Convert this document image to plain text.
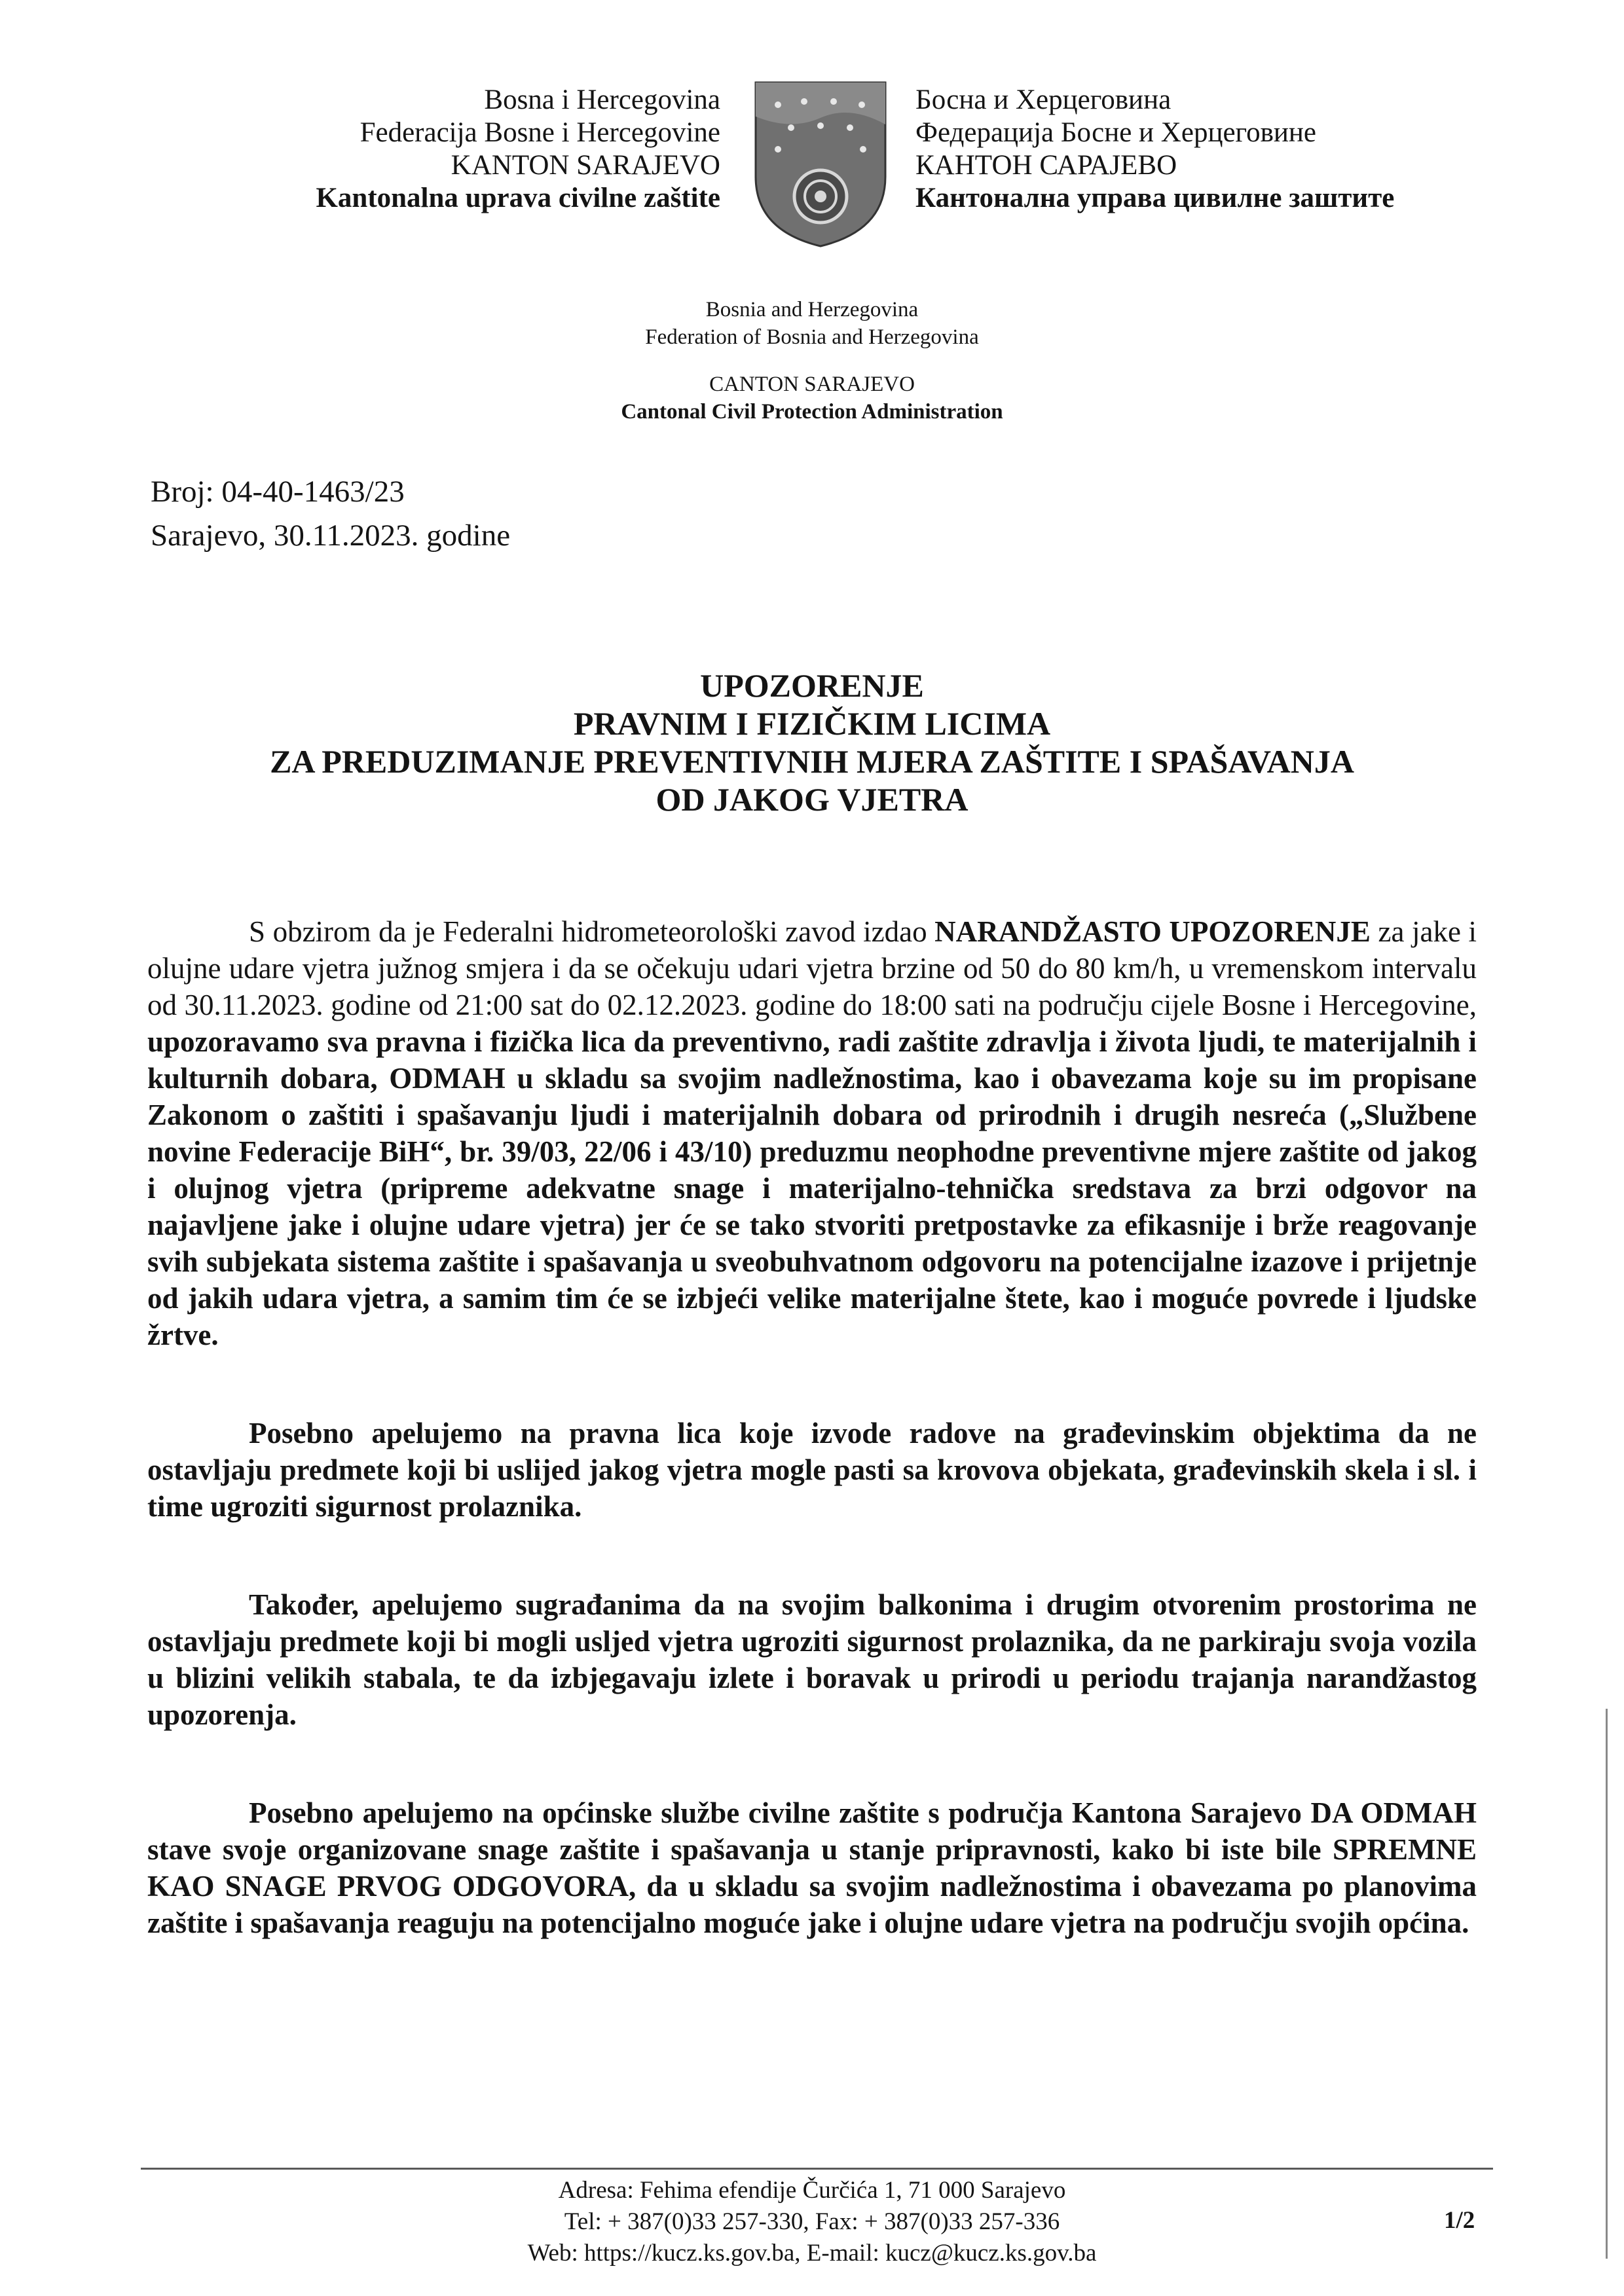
Bosna i Hercegovina
Federacija Bosne i Hercegovine
KANTON SARAJEVO
Kantonalna uprava civilne zaštite
Босна и Херцеговина
Федерација Босне и Херцеговине
КАНТОН САРАЈЕВО
Кантонална управа цивилне заштите
Bosnia and Herzegovina
Federation of Bosnia and Herzegovina
CANTON SARAJEVO
Cantonal Civil Protection Administration
Broj: 04-40-1463/23
Sarajevo, 30.11.2023. godine
UPOZORENJE
PRAVNIM I FIZIČKIM LICIMA
ZA PREDUZIMANJE PREVENTIVNIH MJERA ZAŠTITE I SPAŠAVANJA
OD JAKOG VJETRA

S obzirom da je Federalni hidrometeorološki zavod izdao NARANDŽASTO UPOZORENJE za jake i olujne udare vjetra južnog smjera i da se očekuju udari vjetra brzine od 50 do 80 km/h, u vremenskom intervalu od 30.11.2023. godine od 21:00 sat do 02.12.2023. godine do 18:00 sati na području cijele Bosne i Hercegovine, upozoravamo sva pravna i fizička lica da preventivno, radi zaštite zdravlja i života ljudi, te materijalnih i kulturnih dobara, ODMAH u skladu sa svojim nadležnostima, kao i obavezama koje su im propisane Zakonom o zaštiti i spašavanju ljudi i materijalnih dobara od prirodnih i drugih nesreća („Službene novine Federacije BiH“, br. 39/03, 22/06 i 43/10) preduzmu neophodne preventivne mjere zaštite od jakog i olujnog vjetra (pripreme adekvatne snage i materijalno-tehnička sredstava za brzi odgovor na najavljene jake i olujne udare vjetra) jer će se tako stvoriti pretpostavke za efikasnije i brže reagovanje svih subjekata sistema zaštite i spašavanja u sveobuhvatnom odgovoru na potencijalne izazove i prijetnje od jakih udara vjetra, a samim tim će se izbjeći velike materijalne štete, kao i moguće povrede i ljudske žrtve.

Posebno apelujemo na pravna lica koje izvode radove na građevinskim objektima da ne ostavljaju predmete koji bi uslijed jakog vjetra mogle pasti sa krovova objekata, građevinskih skela i sl. i time ugroziti sigurnost prolaznika.

Također, apelujemo sugrađanima da na svojim balkonima i drugim otvorenim prostorima ne ostavljaju predmete koji bi mogli usljed vjetra ugroziti sigurnost prolaznika, da ne parkiraju svoja vozila u blizini velikih stabala, te da izbjegavaju izlete i boravak u prirodi u periodu trajanja narandžastog upozorenja.

Posebno apelujemo na općinske službe civilne zaštite s područja Kantona Sarajevo DA ODMAH stave svoje organizovane snage zaštite i spašavanja u stanje pripravnosti, kako bi iste bile SPREMNE KAO SNAGE PRVOG ODGOVORA, da u skladu sa svojim nadležnostima i obavezama po planovima zaštite i spašavanja reaguju na potencijalno moguće jake i olujne udare vjetra na području svojih općina.

Adresa: Fehima efendije Čurčića 1, 71 000 Sarajevo
Tel: + 387(0)33 257-330, Fax: + 387(0)33 257-336
Web: https://kucz.ks.gov.ba, E-mail: kucz@kucz.ks.gov.ba
1/2
